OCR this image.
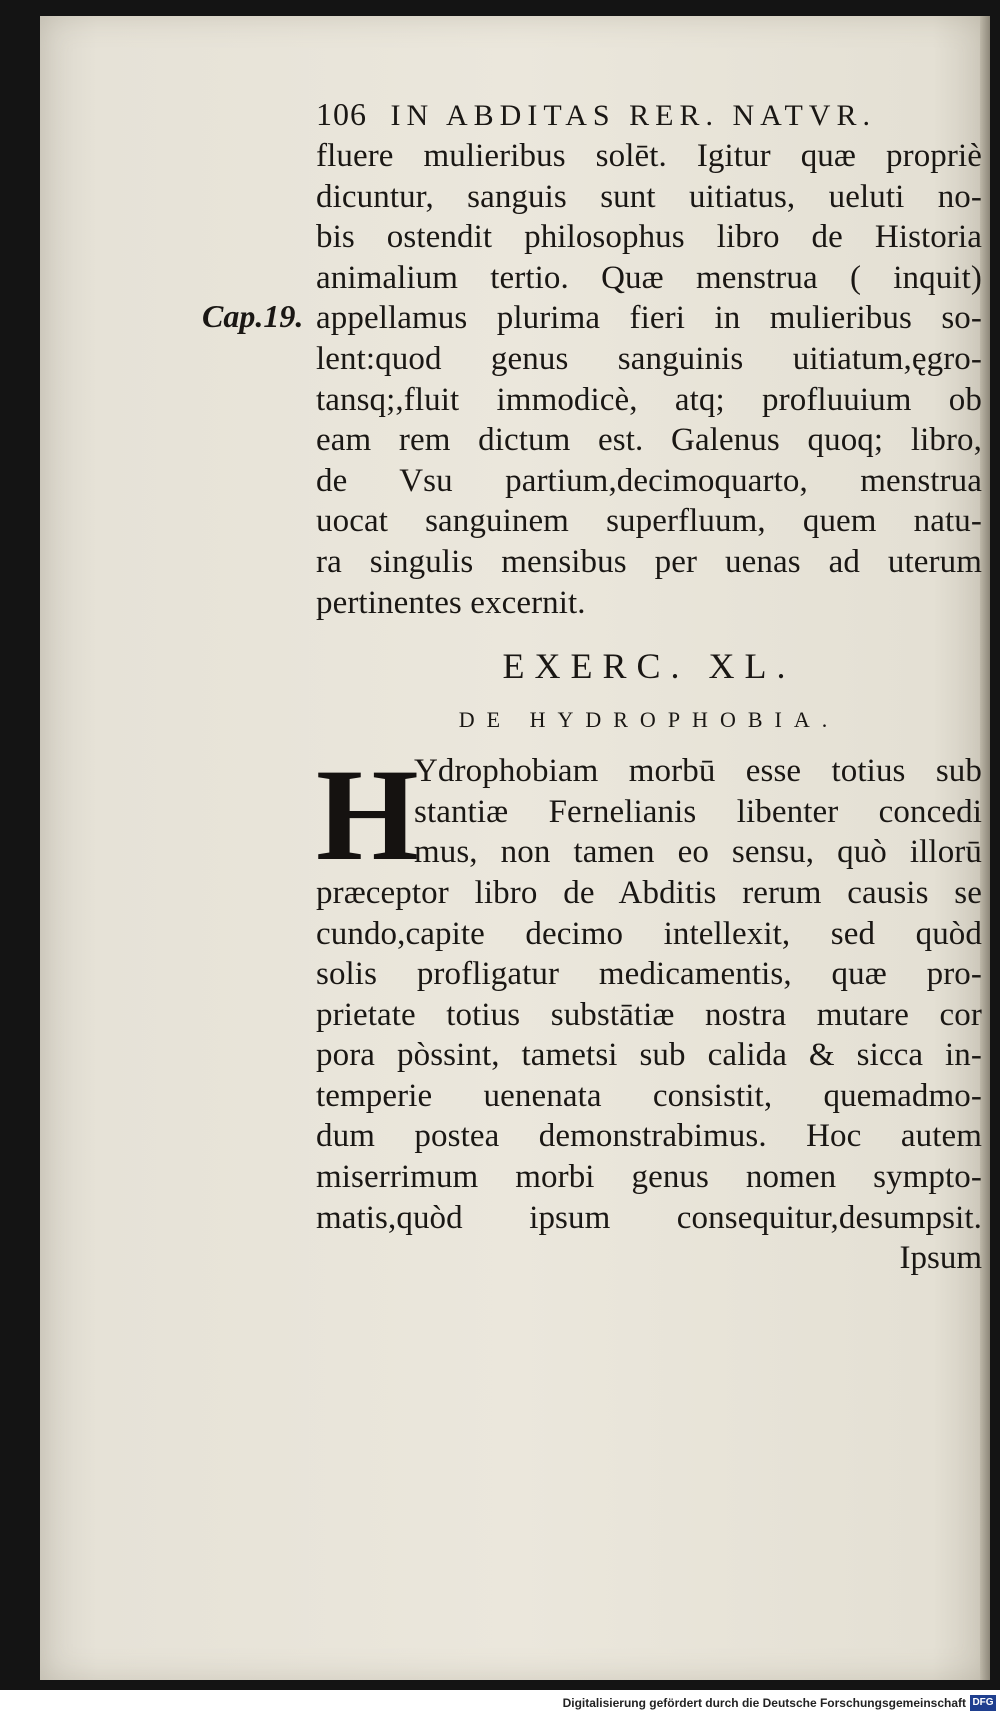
Cap.19.
106 IN ABDITAS RER. NATVR.
fluere mulieribus solēt. Igitur quæ propriè
dicuntur, sanguis sunt uitiatus, ueluti no-
bis ostendit philosophus libro de Historia
animalium tertio. Quæ menstrua ( inquit)
appellamus plurima fieri in mulieribus so-
lent:quod genus sanguinis uitiatum,ęgro-
tansq;,fluit immodicè, atq; profluuium ob
eam rem dictum est. Galenus quoq; libro,
de Vsu partium,decimoquarto, menstrua
uocat sanguinem superfluum, quem natu-
ra singulis mensibus per uenas ad uterum
pertinentes excernit.
EXERC. XL.
DE HYDROPHOBIA.
H
Ydrophobiam morbū esse totius sub
stantiæ Fernelianis libenter concedi
mus, non tamen eo sensu, quò illorū
præceptor libro de Abditis rerum causis se
cundo,capite decimo intellexit, sed quòd
solis profligatur medicamentis, quæ pro-
prietate totius substātiæ nostra mutare cor
pora pòssint, tametsi sub calida & sicca in-
temperie uenenata consistit, quemadmo-
dum postea demonstrabimus. Hoc autem
miserrimum morbi genus nomen sympto-
matis,quòd ipsum consequitur,desumpsit.
Ipsum
Digitalisierung gefördert durch die Deutsche Forschungsgemeinschaft DFG
